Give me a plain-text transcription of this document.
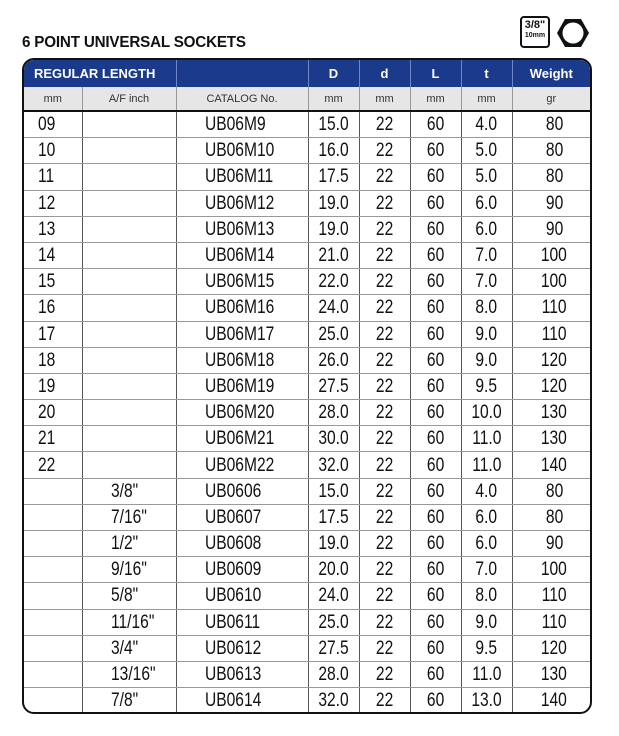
6 POINT UNIVERSAL SOCKETS
3/8"
10mm
REGULAR LENGTH			D	d	L	t	Weight
mm	A/F inch	CATALOG No.	mm	mm	mm	mm	gr
09		UB06M9	15.0	22	60	4.0	80
10		UB06M10	16.0	22	60	5.0	80
11		UB06M11	17.5	22	60	5.0	80
12		UB06M12	19.0	22	60	6.0	90
13		UB06M13	19.0	22	60	6.0	90
14		UB06M14	21.0	22	60	7.0	100
15		UB06M15	22.0	22	60	7.0	100
16		UB06M16	24.0	22	60	8.0	110
17		UB06M17	25.0	22	60	9.0	110
18		UB06M18	26.0	22	60	9.0	120
19		UB06M19	27.5	22	60	9.5	120
20		UB06M20	28.0	22	60	10.0	130
21		UB06M21	30.0	22	60	11.0	130
22		UB06M22	32.0	22	60	11.0	140
	3/8"	UB0606	15.0	22	60	4.0	80
	7/16"	UB0607	17.5	22	60	6.0	80
	1/2"	UB0608	19.0	22	60	6.0	90
	9/16"	UB0609	20.0	22	60	7.0	100
	5/8"	UB0610	24.0	22	60	8.0	110
	11/16"	UB0611	25.0	22	60	9.0	110
	3/4"	UB0612	27.5	22	60	9.5	120
	13/16"	UB0613	28.0	22	60	11.0	130
	7/8"	UB0614	32.0	22	60	13.0	140
